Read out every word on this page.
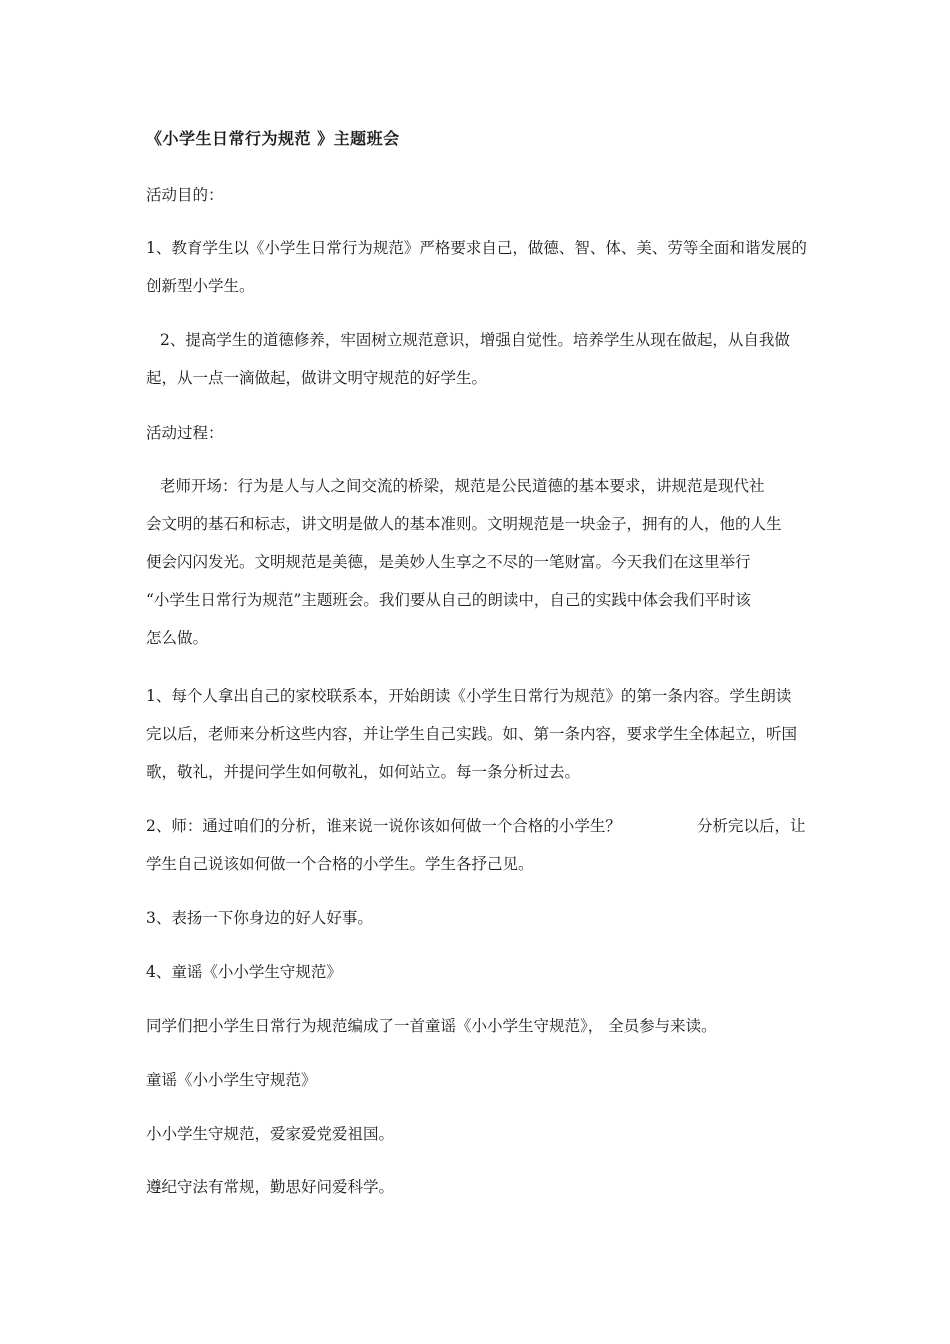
《小学生日常行为规范 》主题班会
活动目的：
1、教育学生以《小学生日常行为规范》严格要求自己，做德、智、体、美、劳等全面和谐发展的
创新型小学生。
2、提高学生的道德修养，牢固树立规范意识，增强自觉性。培养学生从现在做起，从自我做
起，从一点一滴做起，做讲文明守规范的好学生。
活动过程：
老师开场：行为是人与人之间交流的桥梁，规范是公民道德的基本要求，讲规范是现代社
会文明的基石和标志，讲文明是做人的基本准则。文明规范是一块金子，拥有的人，他的人生
便会闪闪发光。文明规范是美德，是美妙人生享之不尽的一笔财富。今天我们在这里举行
“小学生日常行为规范”主题班会。我们要从自己的朗读中，自己的实践中体会我们平时该
怎么做。
1、每个人拿出自己的家校联系本，开始朗读《小学生日常行为规范》的第一条内容。学生朗读
完以后，老师来分析这些内容，并让学生自己实践。如、第一条内容，要求学生全体起立，听国
歌，敬礼，并提问学生如何敬礼，如何站立。每一条分析过去。
2、师：通过咱们的分析，谁来说一说你该如何做一个合格的小学生？	分析完以后，让
学生自己说该如何做一个合格的小学生。学生各抒己见。
3、表扬一下你身边的好人好事。
4、童谣《小小学生守规范》
同学们把小学生日常行为规范编成了一首童谣《小小学生守规范》， 全员参与来读。
童谣《小小学生守规范》
小小学生守规范，爱家爱党爱祖国。
遵纪守法有常规，勤思好问爱科学。
